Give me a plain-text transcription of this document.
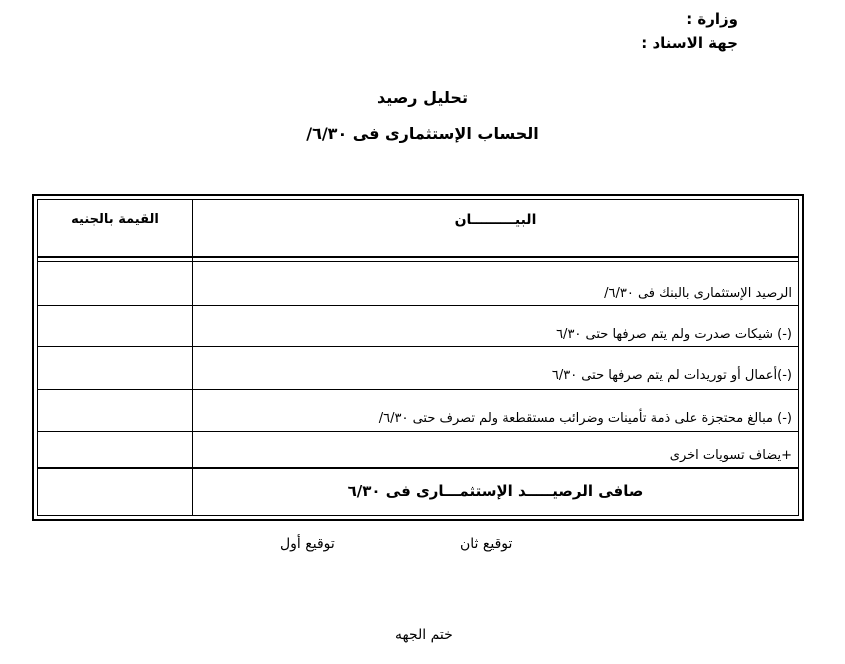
وزارة :
جهة الاسناد :
تحليل رصيد
الحساب الإستثمارى فى ٦/٣٠/
القيمة بالجنيه	البيـــــــــان
الرصيد الإستثمارى بالبنك فى ٦/٣٠/
(-) شيكات صدرت ولم يتم صرفها حتى ٦/٣٠
(-)أعمال أو توريدات لم يتم صرفها حتى ٦/٣٠
(-) مبالغ محتجزة على ذمة تأمينات وضرائب مستقطعة ولم تصرف حتى ٦/٣٠/
+يضاف تسويات اخرى
صافى الرصيـــــد الإستثمـــارى فى ٦/٣٠
توقيع أول	توقيع ثان
ختم الجهه
